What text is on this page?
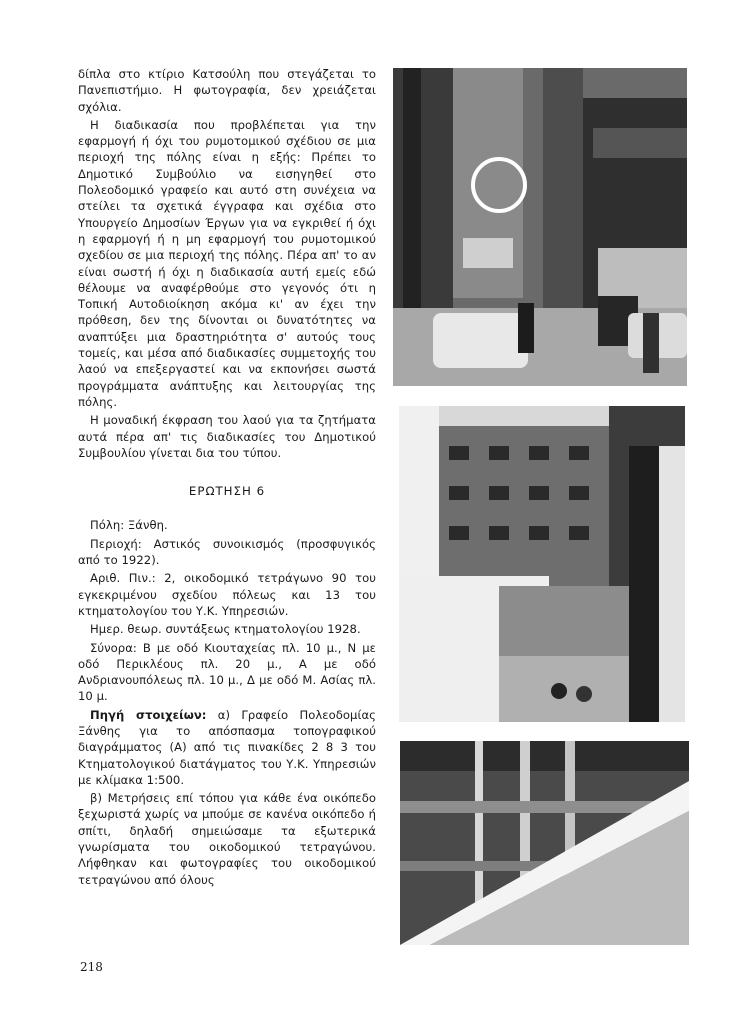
δίπλα στο κτίριο Κατσούλη που στεγάζεται το Πανεπιστήμιο. Η φωτογραφία, δεν χρειάζεται σχόλια.

Η διαδικασία που προβλέπεται για την εφαρμογή ή όχι του ρυμοτομικού σχέδιου σε μια περιοχή της πόλης είναι η εξής: Πρέπει το Δημοτικό Συμβούλιο να εισηγηθεί στο Πολεοδομικό γραφείο και αυτό στη συνέχεια να στείλει τα σχετικά έγγραφα και σχέδια στο Υπουργείο Δημοσίων Έργων για να εγκριθεί ή όχι η εφαρμογή ή η μη εφαρμογή του ρυμοτομικού σχεδίου σε μια περιοχή της πόλης. Πέρα απ' το αν είναι σωστή ή όχι η διαδικασία αυτή εμείς εδώ θέλουμε να αναφέρθούμε στο γεγονός ότι η Τοπική Αυτοδιοίκηση ακόμα κι' αν έχει την πρόθεση, δεν της δίνονται οι δυνατότητες να αναπτύξει μια δραστηριότητα σ' αυτούς τους τομείς, και μέσα από διαδικασίες συμμετοχής του λαού να επεξεργαστεί και να εκπονήσει σωστά προγράμματα ανάπτυξης και λειτουργίας της πόλης.

Η μοναδική έκφραση του λαού για τα ζητήματα αυτά πέρα απ' τις διαδικασίες του Δημοτικού Συμβουλίου γίνεται δια του τύπου.

ΕΡΩΤΗΣΗ 6

Πόλη: Ξάνθη.

Περιοχή: Αστικός συνοικισμός (προσφυγικός από το 1922).

Αριθ. Πιν.: 2, οικοδομικό τετράγωνο 90 του εγκεκριμένου σχεδίου πόλεως και 13 του κτηματολογίου του Υ.Κ. Υπηρεσιών.

Ημερ. θεωρ. συντάξεως κτηματολογίου 1928.

Σύνορα: Β με οδό Κιουταχείας πλ. 10 μ., Ν με οδό Περικλέους πλ. 20 μ., Α με οδό Ανδριανουπόλεως πλ. 10 μ., Δ με οδό Μ. Ασίας πλ. 10 μ.

Πηγή στοιχείων: α) Γραφείο Πολεοδομίας Ξάνθης για το απόσπασμα τοπογραφικού διαγράμματος (Α) από τις πινακίδες 2 8 3 του Κτηματολογικού διατάγματος του Υ.Κ. Υπηρεσιών με κλίμακα 1:500.

β) Μετρήσεις επί τόπου για κάθε ένα οικόπεδο ξεχωριστά χωρίς να μπούμε σε κανένα οικόπεδο ή σπίτι, δηλαδή σημειώσαμε τα εξωτερικά γνωρίσματα του οικοδομικού τετραγώνου. Λήφθηκαν και φωτογραφίες του οικοδομικού τετραγώνου από όλους

218
